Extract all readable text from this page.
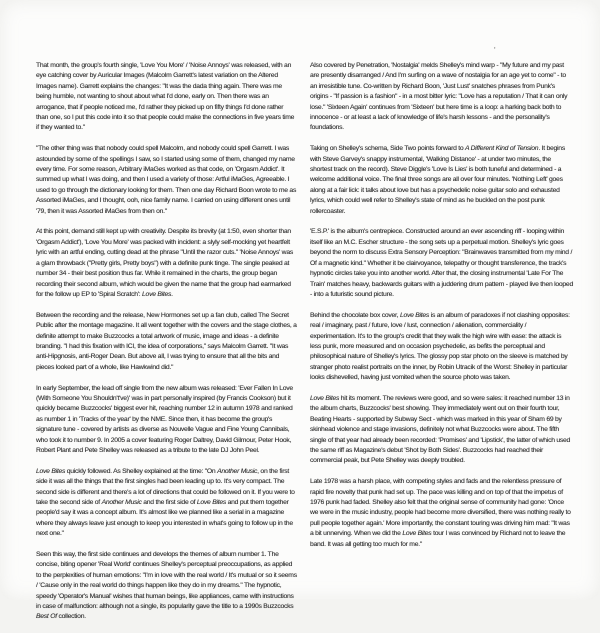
'

That month, the group's fourth single, 'Love You More' / 'Noise Annoys' was released, with an eye catching cover by Auricular Images (Malcolm Garrett's latest variation on the Altered Images name). Garrett explains the changes: "It was the dada thing again. There was me being humble, not wanting to shout about what I'd done, early on. Then there was an arrogance, that if people noticed me, I'd rather they picked up on fifty things I'd done rather than one, so I put this code into it so that people could make the connections in five years time if they wanted to."

"The other thing was that nobody could spell Malcolm, and nobody could spell Garrett. I was astounded by some of the spellings I saw, so I started using some of them, changed my name every time. For some reason, Arbitrary iMaGes worked as that code, on 'Orgasm Addict'. It summed up what I was doing, and then I used a variety of those: Artful iMaGes, Agreeable. I used to go through the dictionary looking for them. Then one day Richard Boon wrote to me as Assorted iMaGes, and I thought, ooh, nice family name. I carried on using different ones until '79, then it was Assorted iMaGes from then on."

At this point, demand still kept up with creativity. Despite its brevity (at 1:50, even shorter than 'Orgasm Addict'), 'Love You More' was packed with incident: a slyly self-mocking yet heartfelt lyric with an artful ending, cutting dead at the phrase "Until the razor cuts." 'Noise Annoys' was a glam throwback ("Pretty girls, Pretty boys") with a definite punk tinge. The single peaked at number 34 - their best position thus far. While it remained in the charts, the group began recording their second album, which would be given the name that the group had earmarked for the follow up EP to 'Spiral Scratch': Love Bites.

Between the recording and the release, New Hormones set up a fan club, called The Secret Public after the montage magazine. It all went together with the covers and the stage clothes, a definite attempt to make Buzzcocks a total artwork of music, image and ideas - a definite branding. "I had this fixation with ICI, the idea of corporations," says Malcolm Garrett. "It was anti-Hipgnosis, anti-Roger Dean. But above all, I was trying to ensure that all the bits and pieces looked part of a whole, like Hawkwind did."

In early September, the lead off single from the new album was released: 'Ever Fallen In Love (With Someone You Shouldn't've)' was in part personally inspired (by Francis Cookson) but it quickly became Buzzcocks' biggest ever hit, reaching number 12 in autumn 1978 and ranked as number 1 in 'Tracks of the year' by the NME. Since then, it has become the group's signature tune - covered by artists as diverse as Nouvelle Vague and Fine Young Cannibals, who took it to number 9. In 2005 a cover featuring Roger Daltrey, David Gilmour, Peter Hook, Robert Plant and Pete Shelley was released as a tribute to the late DJ John Peel.

Love Bites quickly followed. As Shelley explained at the time: "On Another Music, on the first side it was all the things that the first singles had been leading up to. It's very compact. The second side is different and there's a lot of directions that could be followed on it. If you were to take the second side of Another Music and the first side of Love Bites and put them together people'd say it was a concept album. It's almost like we planned like a serial in a magazine where they always leave just enough to keep you interested in what's going to follow up in the next one."

Seen this way, the first side continues and develops the themes of album number 1. The concise, biting opener 'Real World' continues Shelley's perceptual preoccupations, as applied to the perplexities of human emotions: "I'm in love with the real world / It's mutual or so it seems / 'Cause only in the real world do things happen like they do in my dreams." The hypnotic, speedy 'Operator's Manual' wishes that human beings, like appliances, came with instructions in case of malfunction: although not a single, its popularity gave the title to a 1990s Buzzcocks Best Of collection.

Also covered by Penetration, 'Nostalgia' melds Shelley's mind warp - "My future and my past are presently disarranged / And I'm surfing on a wave of nostalgia for an age yet to come" - to an irresistible tune. Co-written by Richard Boon, 'Just Lust' snatches phrases from Punk's origins - "If passion is a fashion" - in a most bitter lyric: "Love has a reputation / That it can only lose." 'Sixteen Again' continues from 'Sixteen' but here time is a loop: a harking back both to innocence - or at least a lack of knowledge of life's harsh lessons - and the personality's foundations.

Taking on Shelley's schema, Side Two points forward to A Different Kind of Tension. It begins with Steve Garvey's snappy instrumental, 'Walking Distance' - at under two minutes, the shortest track on the record). Steve Diggle's 'Love Is Lies' is both tuneful and determined - a welcome additional voice. The final three songs are all over four minutes. 'Nothing Left' goes along at a fair lick: it talks about love but has a psychedelic noise guitar solo and exhausted lyrics, which could well refer to Shelley's state of mind as he buckled on the post punk rollercoaster.

'E.S.P.' is the album's centrepiece. Constructed around an ever ascending riff - looping within itself like an M.C. Escher structure - the song sets up a perpetual motion. Shelley's lyric goes beyond the norm to discuss Extra Sensory Perception: "Brainwaves transmitted from my mind / Of a magnetic kind." Whether it be clairvoyance, telepathy or thought transference, the track's hypnotic circles take you into another world. After that, the closing instrumental 'Late For The Train' matches heavy, backwards guitars with a juddering drum pattern - played live then looped - into a futuristic sound picture.

Behind the chocolate box cover, Love Bites is an album of paradoxes if not clashing opposites: real / imaginary, past / future, love / lust, connection / alienation, commerciality / experimentation. It's to the group's credit that they walk the high wire with ease: the attack is less punk, more measured and on occasion psychedelic, as befits the perceptual and philosophical nature of Shelley's lyrics. The glossy pop star photo on the sleeve is matched by stranger photo realist portraits on the inner, by Robin Utracik of the Worst: Shelley in particular looks dishevelled, having just vomited when the source photo was taken.

Love Bites hit its moment. The reviews were good, and so were sales: it reached number 13 in the album charts, Buzzcocks' best showing. They immediately went out on their fourth tour, Beating Hearts - supported by Subway Sect - which was marked in this year of Sham 69 by skinhead violence and stage invasions, definitely not what Buzzcocks were about. The fifth single of that year had already been recorded: 'Promises' and 'Lipstick', the latter of which used the same riff as Magazine's debut 'Shot by Both Sides'. Buzzcocks had reached their commercial peak, but Pete Shelley was deeply troubled.

Late 1978 was a harsh place, with competing styles and fads and the relentless pressure of rapid fire novelty that punk had set up. The pace was killing and on top of that the impetus of 1976 punk had faded. Shelley also felt that the original sense of community had gone: 'Once we were in the music industry, people had become more diversified, there was nothing really to pull people together again.' More importantly, the constant touring was driving him mad: "It was a bit unnerving. When we did the Love Bites tour I was convinced by Richard not to leave the band. It was all getting too much for me."
